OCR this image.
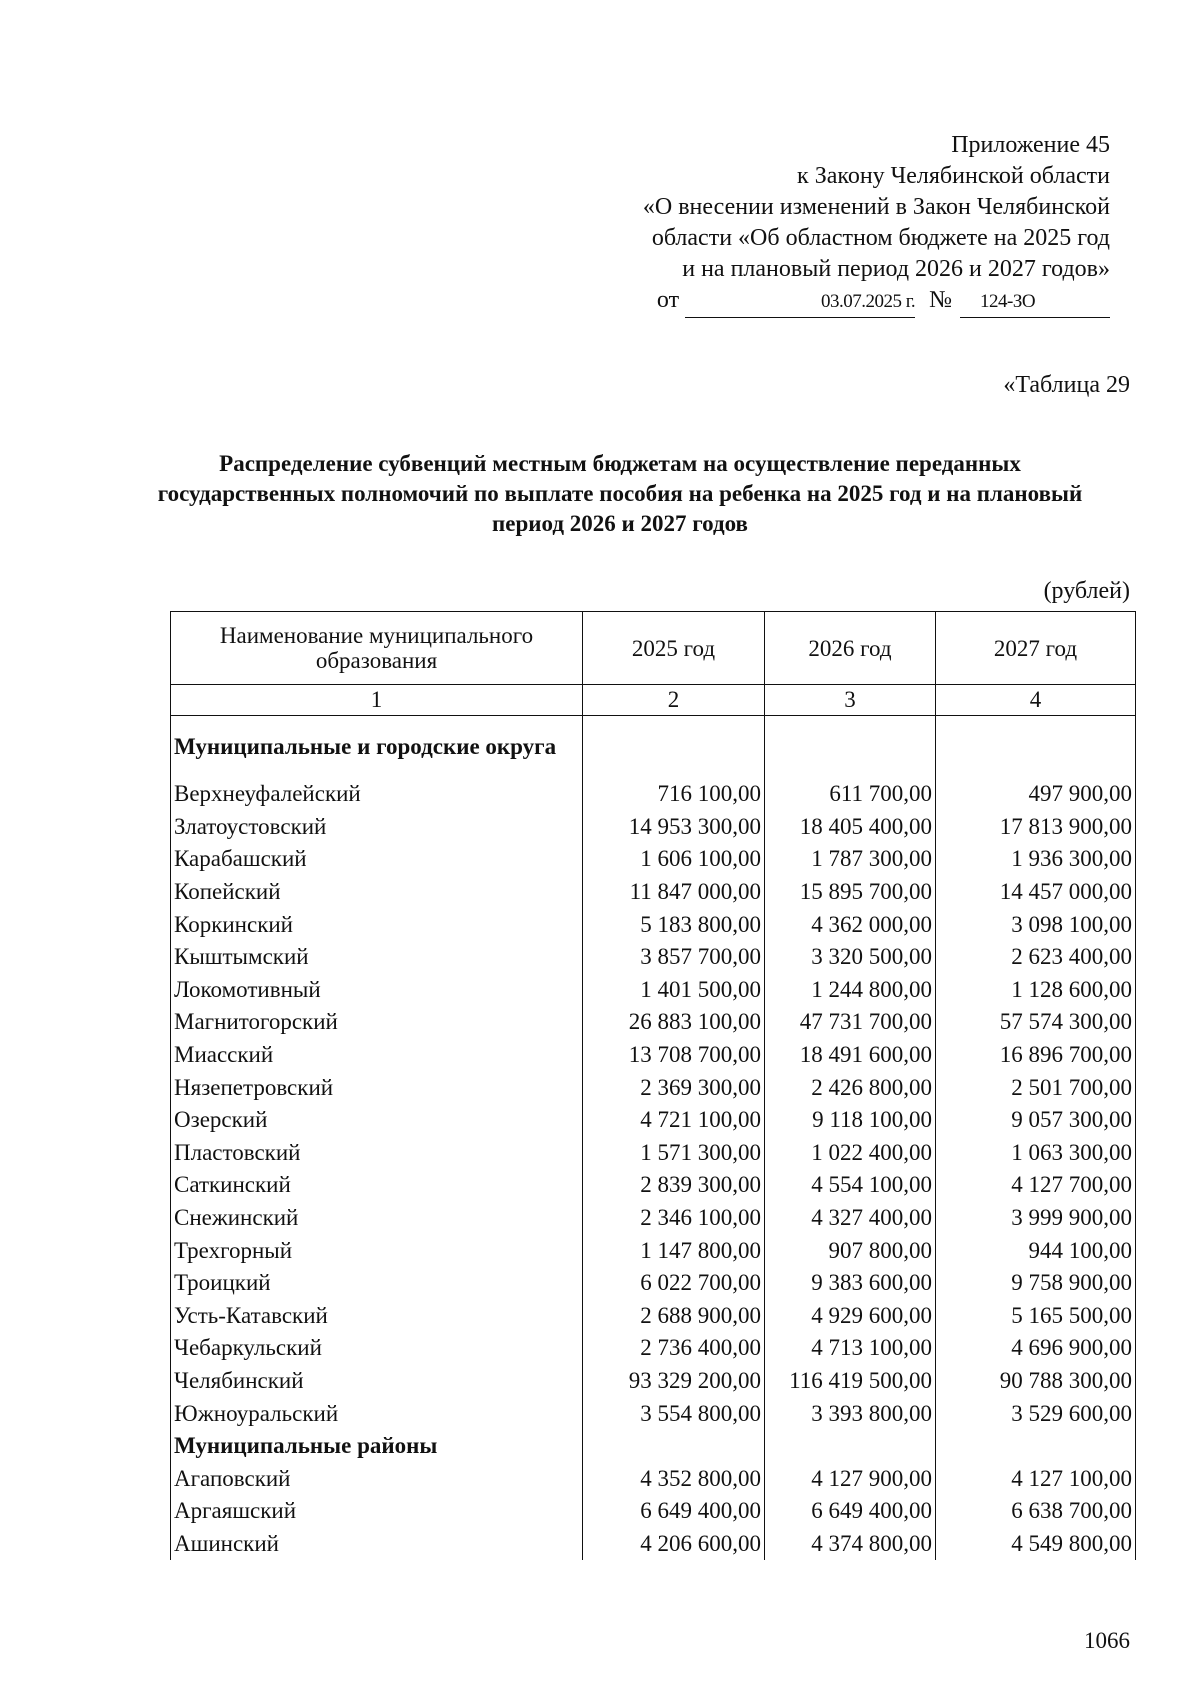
Приложение 45
к Закону Челябинской области
«О внесении изменений в Закон Челябинской
области «Об областном бюджете на 2025 год
и на плановый период 2026 и 2027 годов»
от	03.07.2025 г. № 124-ЗО
«Таблица 29
Распределение субвенций местным бюджетам на осуществление переданных государственных полномочий по выплате пособия на ребенка на 2025 год и на плановый период 2026 и 2027 годов
(рублей)
Наименование муниципального образования	2025 год	2026 год	2027 год
1	2	3	4
Муниципальные и городские округа			
Верхнеуфалейский	716 100,00	611 700,00	497 900,00
Златоустовский	14 953 300,00	18 405 400,00	17 813 900,00
Карабашский	1 606 100,00	1 787 300,00	1 936 300,00
Копейский	11 847 000,00	15 895 700,00	14 457 000,00
Коркинский	5 183 800,00	4 362 000,00	3 098 100,00
Кыштымский	3 857 700,00	3 320 500,00	2 623 400,00
Локомотивный	1 401 500,00	1 244 800,00	1 128 600,00
Магнитогорский	26 883 100,00	47 731 700,00	57 574 300,00
Миасский	13 708 700,00	18 491 600,00	16 896 700,00
Нязепетровский	2 369 300,00	2 426 800,00	2 501 700,00
Озерский	4 721 100,00	9 118 100,00	9 057 300,00
Пластовский	1 571 300,00	1 022 400,00	1 063 300,00
Саткинский	2 839 300,00	4 554 100,00	4 127 700,00
Снежинский	2 346 100,00	4 327 400,00	3 999 900,00
Трехгорный	1 147 800,00	907 800,00	944 100,00
Троицкий	6 022 700,00	9 383 600,00	9 758 900,00
Усть-Катавский	2 688 900,00	4 929 600,00	5 165 500,00
Чебаркульский	2 736 400,00	4 713 100,00	4 696 900,00
Челябинский	93 329 200,00	116 419 500,00	90 788 300,00
Южноуральский	3 554 800,00	3 393 800,00	3 529 600,00
Муниципальные районы			
Агаповский	4 352 800,00	4 127 900,00	4 127 100,00
Аргаяшский	6 649 400,00	6 649 400,00	6 638 700,00
Ашинский	4 206 600,00	4 374 800,00	4 549 800,00
1066
